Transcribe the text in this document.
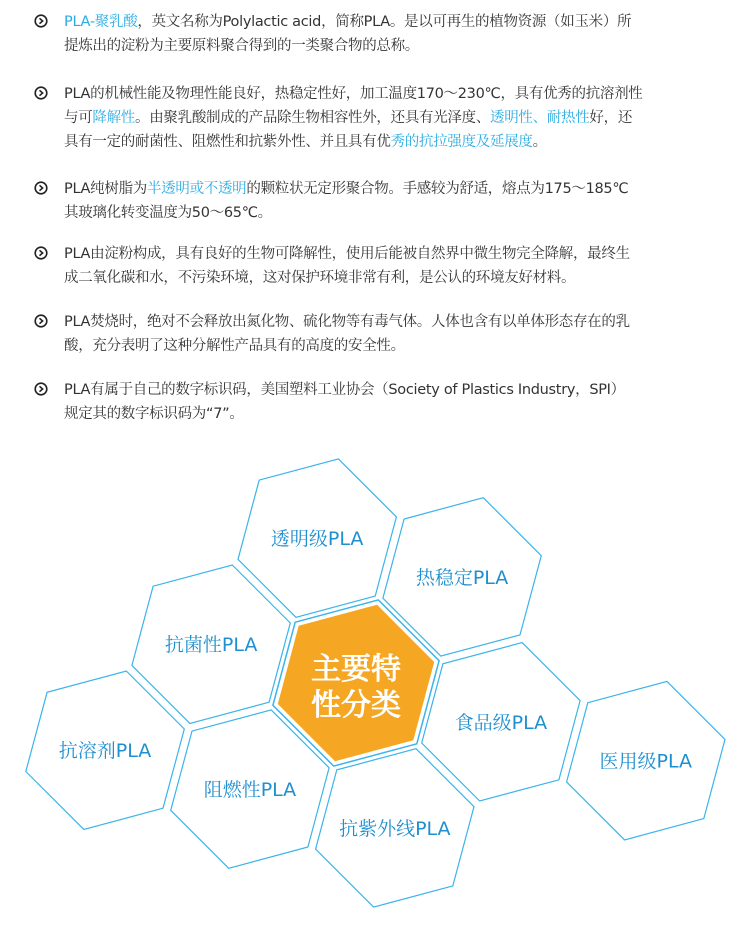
PLA-聚乳酸，英文名称为Polylactic acid，简称PLA。是以可再生的植物资源（如玉米）所
提炼出的淀粉为主要原料聚合得到的一类聚合物的总称。
PLA的机械性能及物理性能良好，热稳定性好，加工温度170～230℃，具有优秀的抗溶剂性
与可降解性。由聚乳酸制成的产品除生物相容性外，还具有光泽度、透明性、耐热性好，还
具有一定的耐菌性、阻燃性和抗紫外性、并且具有优秀的抗拉强度及延展度。
PLA纯树脂为半透明或不透明的颗粒状无定形聚合物。手感较为舒适，熔点为175～185℃
其玻璃化转变温度为50～65℃。
PLA由淀粉构成，具有良好的生物可降解性，使用后能被自然界中微生物完全降解，最终生
成二氧化碳和水，不污染环境，这对保护环境非常有利，是公认的环境友好材料。
PLA焚烧时，绝对不会释放出氮化物、硫化物等有毒气体。人体也含有以单体形态存在的乳
酸，充分表明了这种分解性产品具有的高度的安全性。
PLA有属于自己的数字标识码，美国塑料工业协会（Society of Plastics Industry，SPI）
规定其的数字标识码为“7”。
透明级PLA
热稳定PLA
抗菌性PLA
食品级PLA
抗溶剂PLA
阻燃性PLA
医用级PLA
抗紫外线PLA
主要特
性分类
